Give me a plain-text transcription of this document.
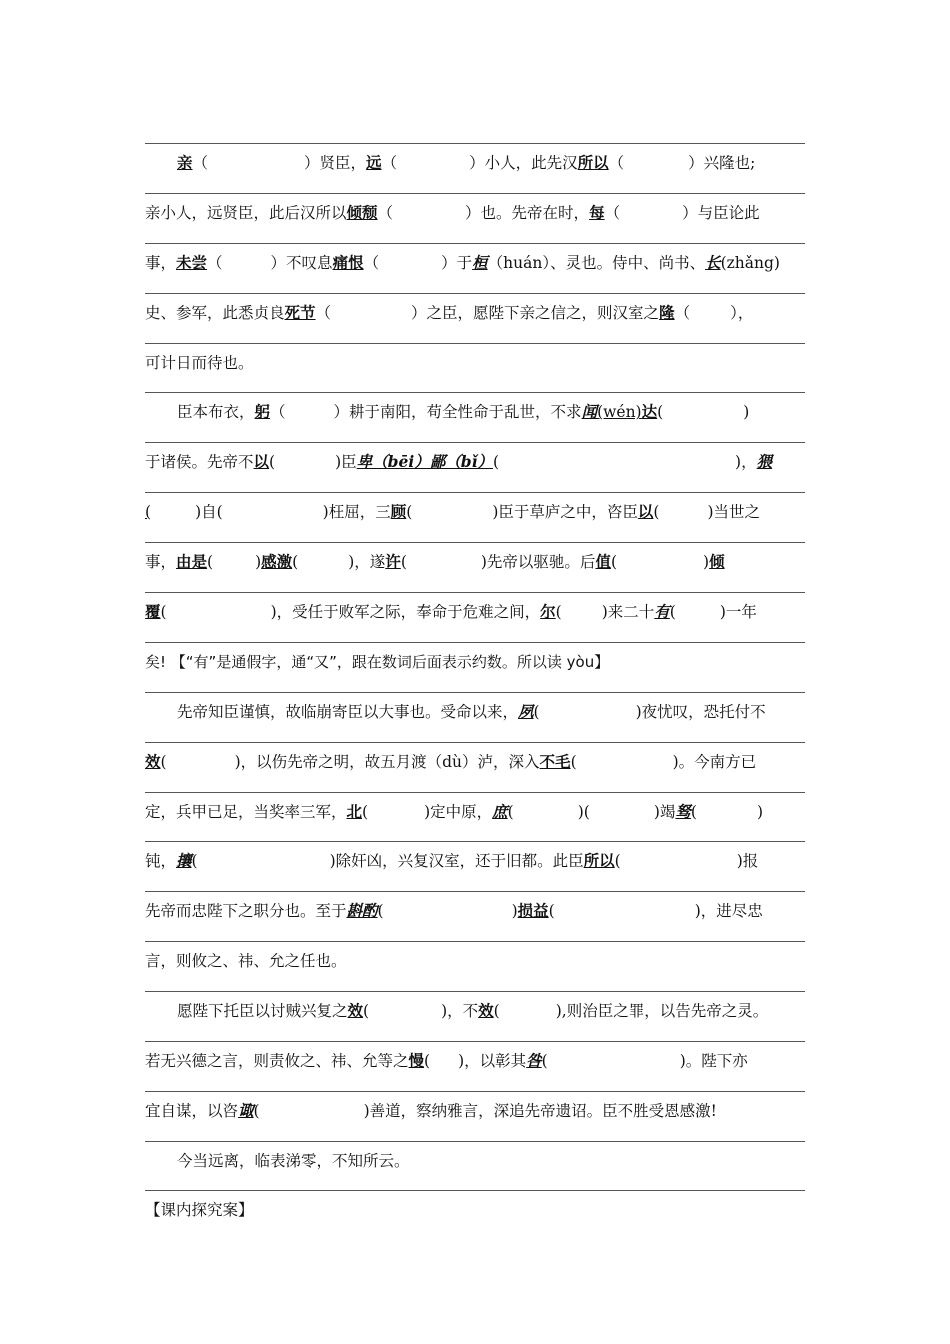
亲（	）贤臣，远（	）小人，此先汉所以（	）兴隆也;
亲小人，远贤臣，此后汉所以倾颓（	）也。先帝在时，每（	）与臣论此
事，未尝（	）不叹息痛恨（	）于桓（huán）、灵也。侍中、尚书、长(zhǎng)
史、参军，此悉贞良死节（	）之臣，愿陛下亲之信之，则汉室之隆（	），
可计日而待也。
臣本布衣，躬（	）耕于南阳，苟全性命于乱世，不求闻(wén)达(	)
于诸侯。先帝不以(	)臣卑（bēi）鄙（bǐ）(	)，猥
(	)自(	)枉屈，三顾(	)臣于草庐之中，咨臣以(	)当世之
事，由是(	)感激(	)，遂许(	)先帝以驱驰。后值(	)倾
覆(	)，受任于败军之际，奉命于危难之间，尔(	)来二十有(	)一年
矣! 【“有”是通假字，通“又”，跟在数词后面表示约数。所以读 yòu】
先帝知臣谨慎，故临崩寄臣以大事也。受命以来，夙(	)夜忧叹，恐托付不
效(	)，以伤先帝之明，故五月渡（dù）泸，深入不毛(	)。今南方已
定，兵甲已足，当奖率三军，北(	)定中原，庶(	)(	)竭驽(	)
钝，攘(	)除奸凶，兴复汉室，还于旧都。此臣所以(	)报
先帝而忠陛下之职分也。至于斟酌(	)损益(	)，进尽忠
言，则攸之、祎、允之任也。
愿陛下托臣以讨贼兴复之效(	)，不效(	),则治臣之罪，以告先帝之灵。
若无兴德之言，则责攸之、祎、允等之慢( )，以彰其咎(	)。陛下亦
宜自谋，以咨诹(	)善道，察纳雅言，深追先帝遗诏。臣不胜受恩感激!
今当远离，临表涕零，不知所云。
【课内探究案】
